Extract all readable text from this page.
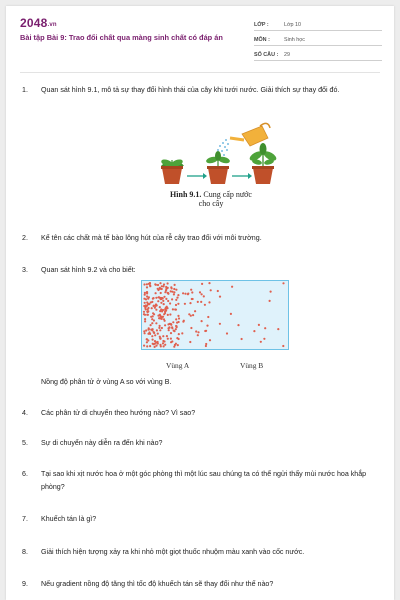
2048.vn
Bài tập Bài 9: Trao đổi chất qua màng sinh chất có đáp án
LỚP :	Lớp 10
MÔN :	Sinh học
SỐ CÂU :	29
1.	Quan sát hình 9.1, mô tả sự thay đổi hình thái của cây khi tưới nước. Giải thích sự thay đổi đó.
Hình 9.1. Cung cấp nước cho cây
2.	Kể tên các chất mà tế bào lông hút của rễ cây trao đổi với môi trường.
3.	Quan sát hình 9.2 và cho biết:
Vùng A	Vùng B
Nồng độ phân tử ở vùng A so với vùng B.
4.	Các phân tử di chuyển theo hướng nào? Vì sao?
5.	Sự di chuyển này diễn ra đến khi nào?
6.	Tại sao khi xịt nước hoa ở một góc phòng thì một lúc sau chúng ta có thể ngửi thấy mùi nước hoa khắp phòng?
7.	Khuếch tán là gì?
8.	Giải thích hiện tượng xảy ra khi nhỏ một giọt thuốc nhuộm màu xanh vào cốc nước.
9.	Nếu gradient nồng độ tăng thì tốc độ khuếch tán sẽ thay đổi như thế nào?
